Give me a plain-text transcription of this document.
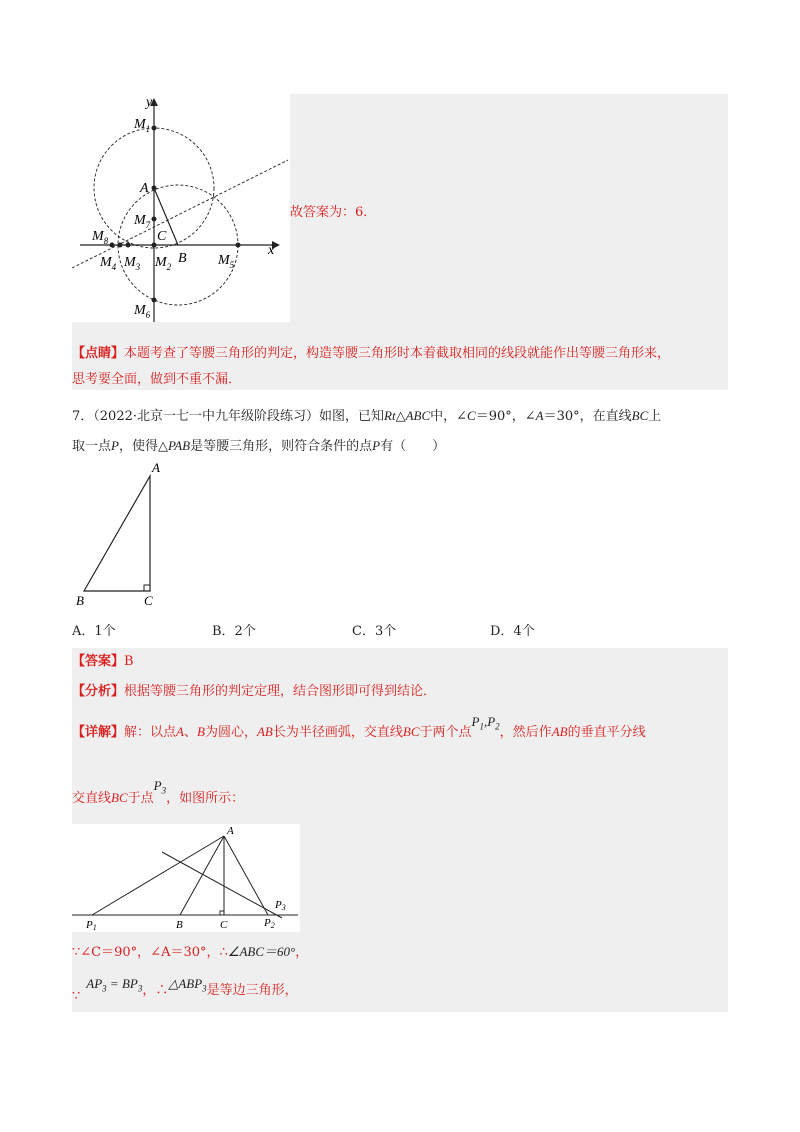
y
x
$M_1$
A
$M_7$
C
$M_8$
B
$M_4$ $M_3$ $M_2$	$M_5$
$M_6$
故答案为：6．
【点睛】本题考查了等腰三角形的判定，构造等腰三角形时本着截取相同的线段就能作出等腰三角形来，
思考要全面，做到不重不漏．
7．（2022·北京一七一中九年级阶段练习）如图，已知Rt△ABC中，∠C＝90°，∠A＝30°，在直线BC上
取一点P，使得△PAB是等腰三角形，则符合条件的点P有（　　）
A
B	C
A．1个	B．2个	C．3个	D．4个
【答案】B
【分析】根据等腰三角形的判定定理，结合图形即可得到结论．
【详解】解：以点A、B为圆心，AB长为半径画弧，交直线BC于两个点$P_1,P_2$，然后作AB的垂直平分线
交直线BC于点$P_3$，如图所示：
A
P1	B	C	P2
P3
∵∠C＝90°，∠A＝30°，∴∠ABC＝60°，
$\because AP_3 = BP_3$，$\therefore\triangle ABP_3$是等边三角形，
